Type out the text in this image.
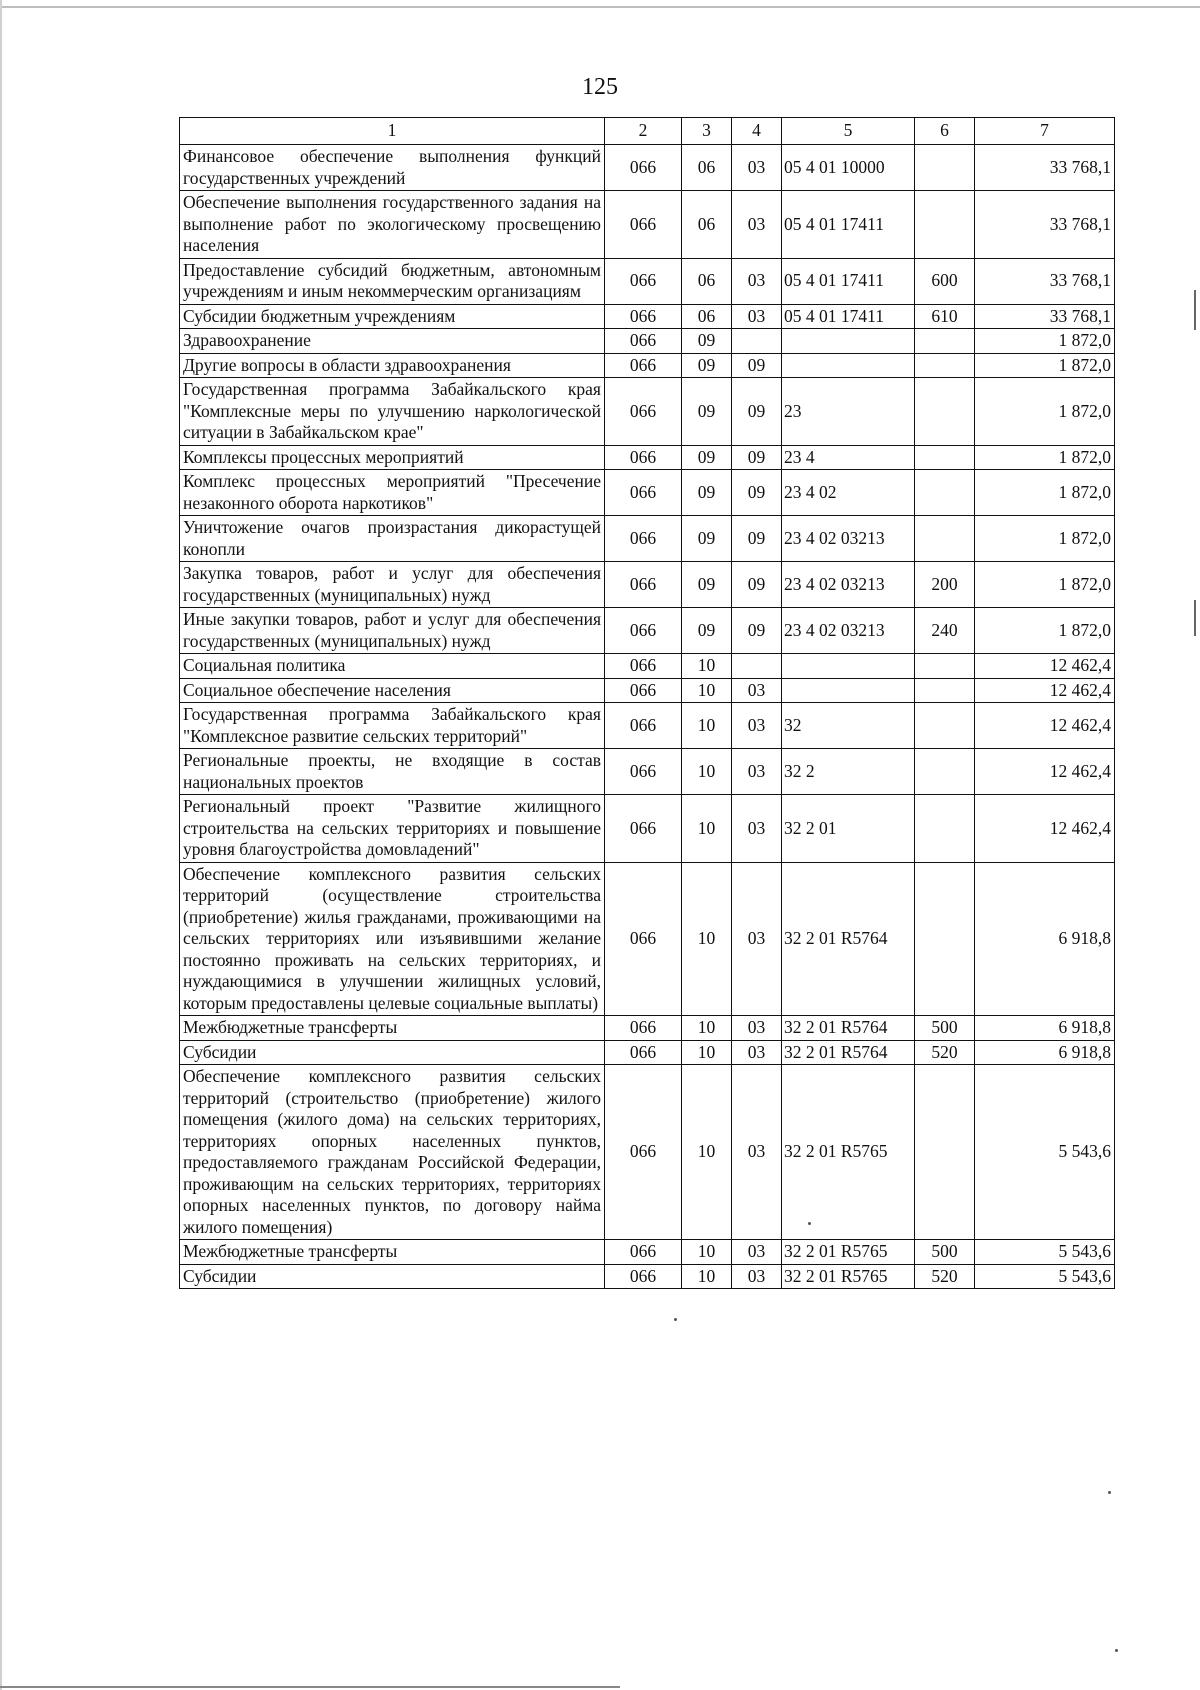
125
1	2	3	4	5	6	7
Финансовое обеспечение выполнения функций государственных учреждений	066	06	03	05 4 01 10000		33 768,1
Обеспечение выполнения государственного задания на выполнение работ по экологическому просвещению населения	066	06	03	05 4 01 17411		33 768,1
Предоставление субсидий бюджетным, автономным учреждениям и иным некоммерческим организациям	066	06	03	05 4 01 17411	600	33 768,1
Субсидии бюджетным учреждениям	066	06	03	05 4 01 17411	610	33 768,1
Здравоохранение	066	09				1 872,0
Другие вопросы в области здравоохранения	066	09	09			1 872,0
Государственная программа Забайкальского края "Комплексные меры по улучшению наркологической ситуации в Забайкальском крае"	066	09	09	23		1 872,0
Комплексы процессных мероприятий	066	09	09	23 4		1 872,0
Комплекс процессных мероприятий "Пресечение незаконного оборота наркотиков"	066	09	09	23 4 02		1 872,0
Уничтожение очагов произрастания дикорастущей конопли	066	09	09	23 4 02 03213		1 872,0
Закупка товаров, работ и услуг для обеспечения государственных (муниципальных) нужд	066	09	09	23 4 02 03213	200	1 872,0
Иные закупки товаров, работ и услуг для обеспечения государственных (муниципальных) нужд	066	09	09	23 4 02 03213	240	1 872,0
Социальная политика	066	10				12 462,4
Социальное обеспечение населения	066	10	03			12 462,4
Государственная программа Забайкальского края "Комплексное развитие сельских территорий"	066	10	03	32		12 462,4
Региональные проекты, не входящие в состав национальных проектов	066	10	03	32 2		12 462,4
Региональный проект "Развитие жилищного строительства на сельских территориях и повышение уровня благоустройства домовладений"	066	10	03	32 2 01		12 462,4
Обеспечение комплексного развития сельских территорий (осуществление строительства (приобретение) жилья гражданами, проживающими на сельских территориях или изъявившими желание постоянно проживать на сельских территориях, и нуждающимися в улучшении жилищных условий, которым предоставлены целевые социальные выплаты)	066	10	03	32 2 01 R5764		6 918,8
Межбюджетные трансферты	066	10	03	32 2 01 R5764	500	6 918,8
Субсидии	066	10	03	32 2 01 R5764	520	6 918,8
Обеспечение комплексного развития сельских территорий (строительство (приобретение) жилого помещения (жилого дома) на сельских территориях, территориях опорных населенных пунктов, предоставляемого гражданам Российской Федерации, проживающим на сельских территориях, территориях опорных населенных пунктов, по договору найма жилого помещения)	066	10	03	32 2 01 R5765		5 543,6
Межбюджетные трансферты	066	10	03	32 2 01 R5765	500	5 543,6
Субсидии	066	10	03	32 2 01 R5765	520	5 543,6
